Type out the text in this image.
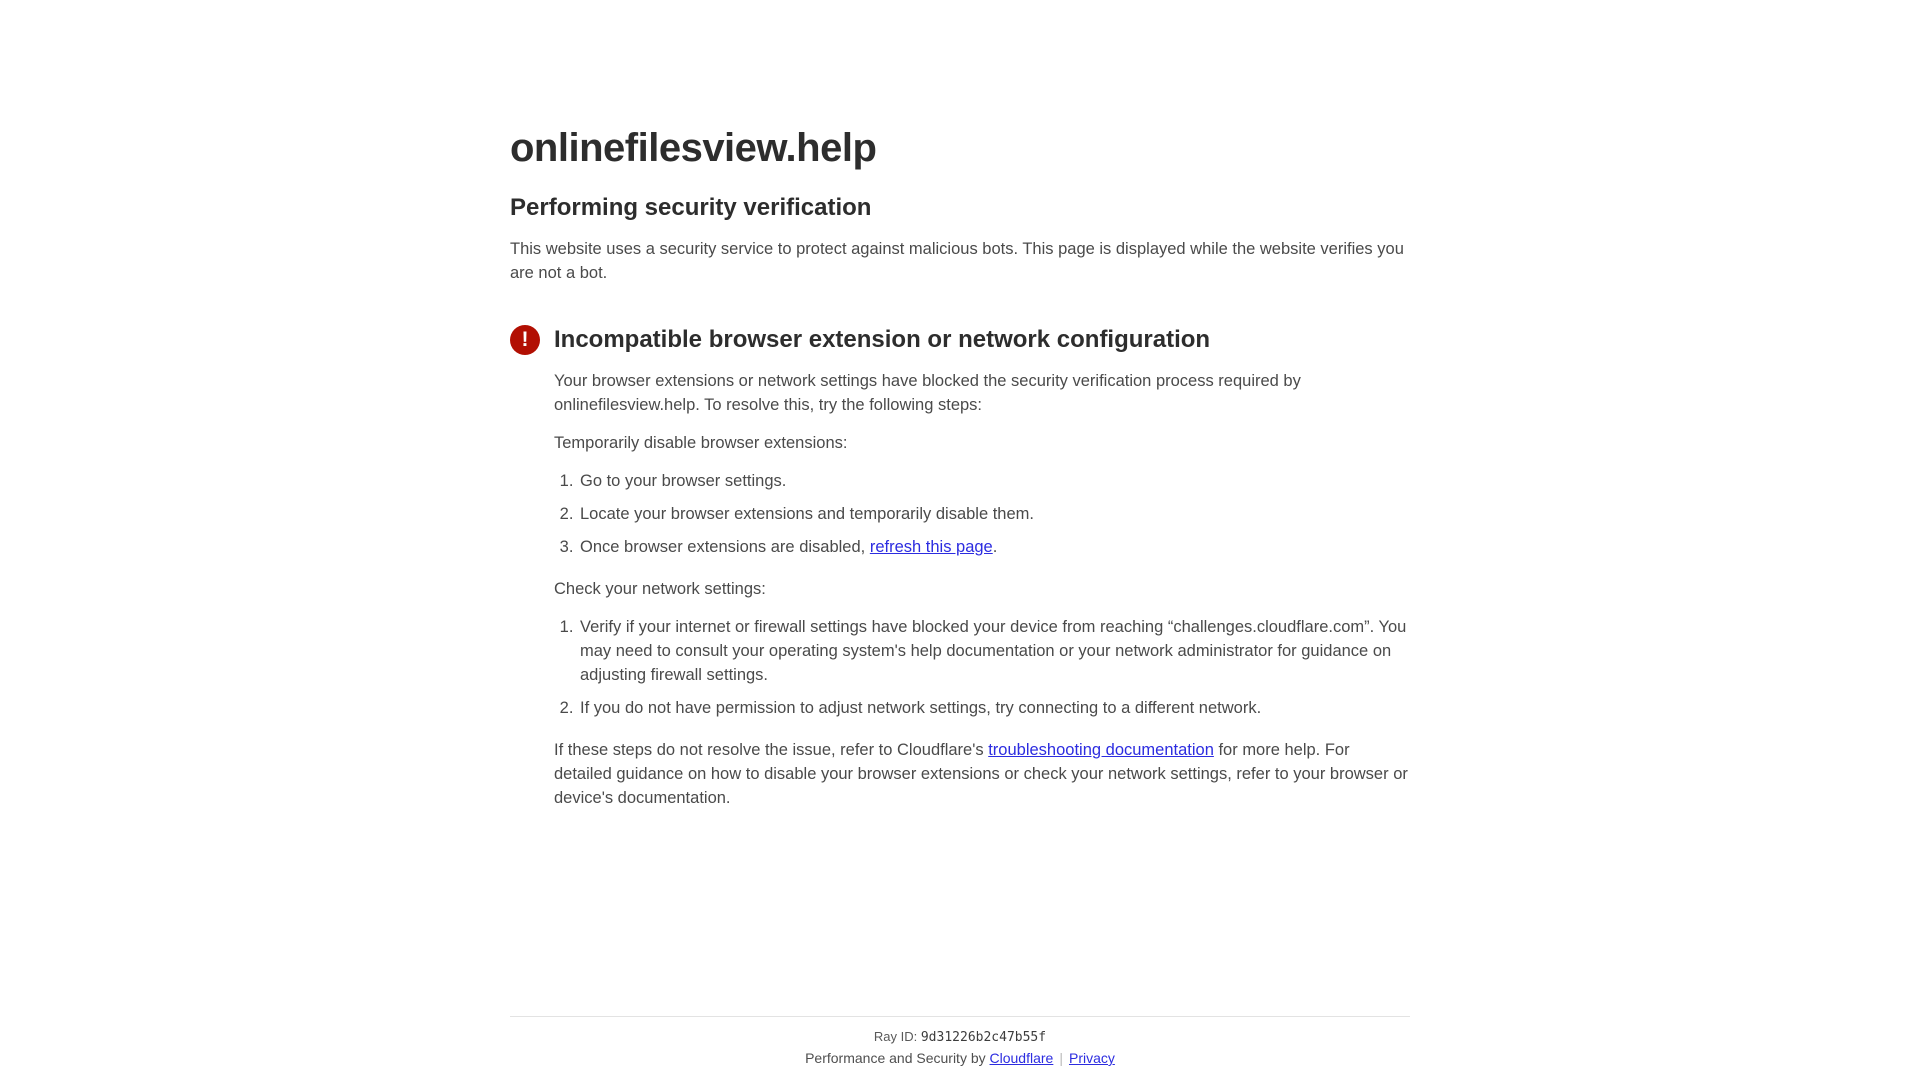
onlinefilesview.help
Performing security verification

This website uses a security service to protect against malicious bots. This page is displayed while the website verifies you are not a bot.

!	Incompatible browser extension or network configuration

Your browser extensions or network settings have blocked the security verification process required by onlinefilesview.help. To resolve this, try the following steps:

Temporarily disable browser extensions:

1. Go to your browser settings.
2. Locate your browser extensions and temporarily disable them.
3. Once browser extensions are disabled, refresh this page.

Check your network settings:

1. Verify if your internet or firewall settings have blocked your device from reaching “challenges.cloudflare.com”. You may need to consult your operating system's help documentation or your network administrator for guidance on adjusting firewall settings.
2. If you do not have permission to adjust network settings, try connecting to a different network.

If these steps do not resolve the issue, refer to Cloudflare's troubleshooting documentation for more help. For detailed guidance on how to disable your browser extensions or check your network settings, refer to your browser or device's documentation.

Ray ID: 9d31226b2c47b55f

Performance and Security by Cloudflare | Privacy
